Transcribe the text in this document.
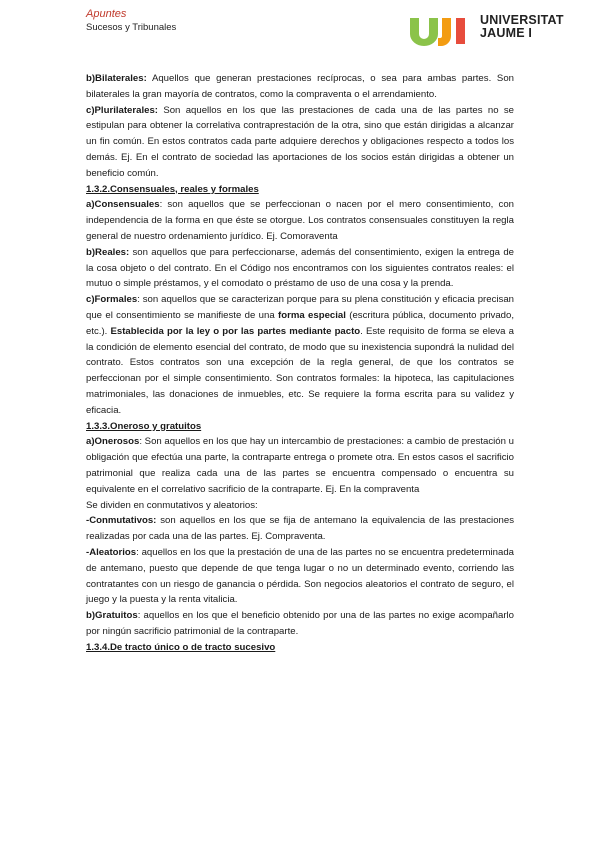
Apuntes
Sucesos y Tribunales
UNIVERSITAT
JAUME I

b)Bilaterales: Aquellos que generan prestaciones recíprocas, o sea para ambas partes. Son bilaterales la gran mayoría de contratos, como la compraventa o el arrendamiento.

c)Plurilaterales: Son aquellos en los que las prestaciones de cada una de las partes no se estipulan para obtener la correlativa contraprestación de la otra, sino que están dirigidas a alcanzar un fin común. En estos contratos cada parte adquiere derechos y obligaciones respecto a todos los demás. Ej. En el contrato de sociedad las aportaciones de los socios están dirigidas a obtener un beneficio común.

1.3.2.Consensuales, reales y formales

a)Consensuales: son aquellos que se perfeccionan o nacen por el mero consentimiento, con independencia de la forma en que éste se otorgue. Los contratos consensuales constituyen la regla general de nuestro ordenamiento jurídico. Ej. Comoraventa

b)Reales: son aquellos que para perfeccionarse, además del consentimiento, exigen la entrega de la cosa objeto o del contrato. En el Código nos encontramos con los siguientes contratos reales: el mutuo o simple préstamos, y el comodato o préstamo de uso de una cosa y la prenda.

c)Formales: son aquellos que se caracterizan porque para su plena constitución y eficacia precisan que el consentimiento se manifieste de una forma especial (escritura pública, documento privado, etc.). Establecida por la ley o por las partes mediante pacto. Este requisito de forma se eleva a la condición de elemento esencial del contrato, de modo que su inexistencia supondrá la nulidad del contrato. Estos contratos son una excepción de la regla general, de que los contratos se perfeccionan por el simple consentimiento. Son contratos formales: la hipoteca, las capitulaciones matrimoniales, las donaciones de inmuebles, etc. Se requiere la forma escrita para su validez y eficacia.

1.3.3.Oneroso y gratuitos

a)Onerosos: Son aquellos en los que hay un intercambio de prestaciones: a cambio de prestación u obligación que efectúa una parte, la contraparte entrega o promete otra. En estos casos el sacrificio patrimonial que realiza cada una de las partes se encuentra compensado o encuentra su equivalente en el correlativo sacrificio de la contraparte. Ej. En la compraventa

Se dividen en conmutativos y aleatorios:

-Conmutativos: son aquellos en los que se fija de antemano la equivalencia de las prestaciones realizadas por cada una de las partes. Ej. Compraventa.

-Aleatorios: aquellos en los que la prestación de una de las partes no se encuentra predeterminada de antemano, puesto que depende de que tenga lugar o no un determinado evento, corriendo las contratantes con un riesgo de ganancia o pérdida. Son negocios aleatorios el contrato de seguro, el juego y la puesta y la renta vitalicia.

b)Gratuitos: aquellos en los que el beneficio obtenido por una de las partes no exige acompañarlo por ningún sacrificio patrimonial de la contraparte.

1.3.4.De tracto único o de tracto sucesivo
